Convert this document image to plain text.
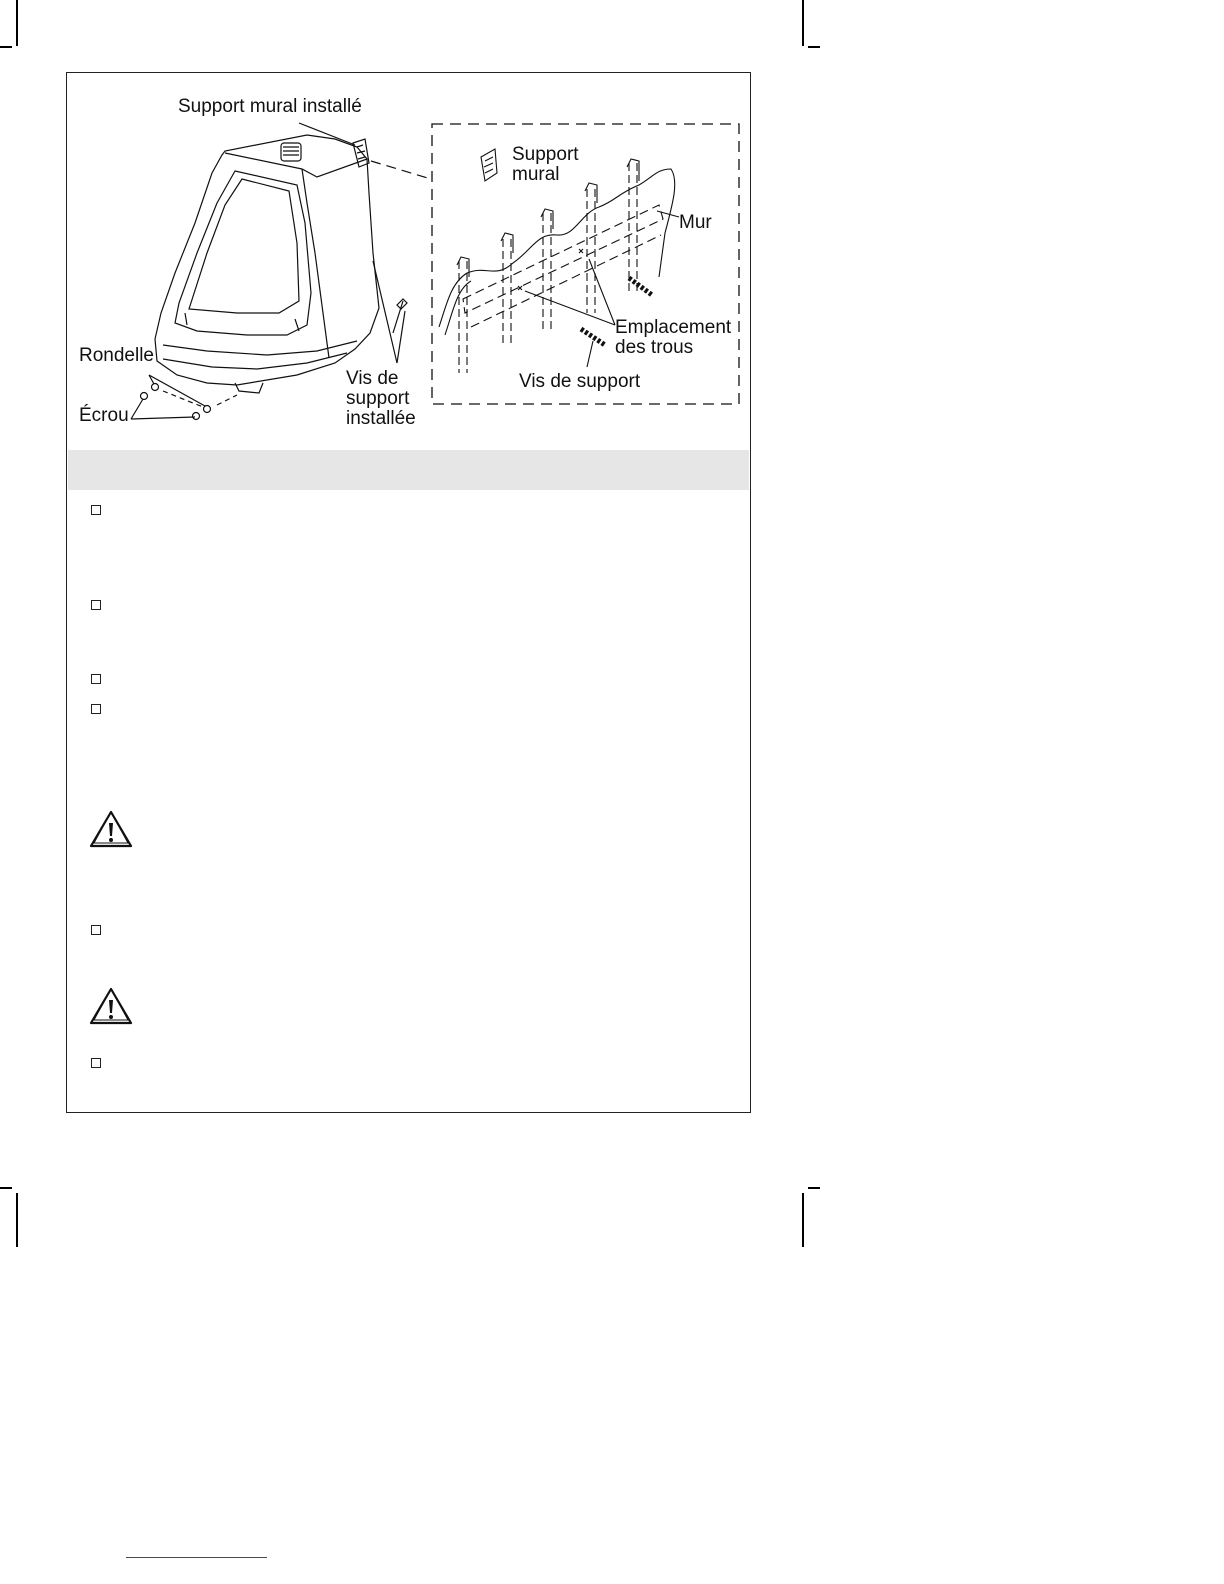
Support mural installé
Support
mural
Mur
Emplacement
des trous
Vis de support
Rondelle
Écrou
Vis de
support
installée
